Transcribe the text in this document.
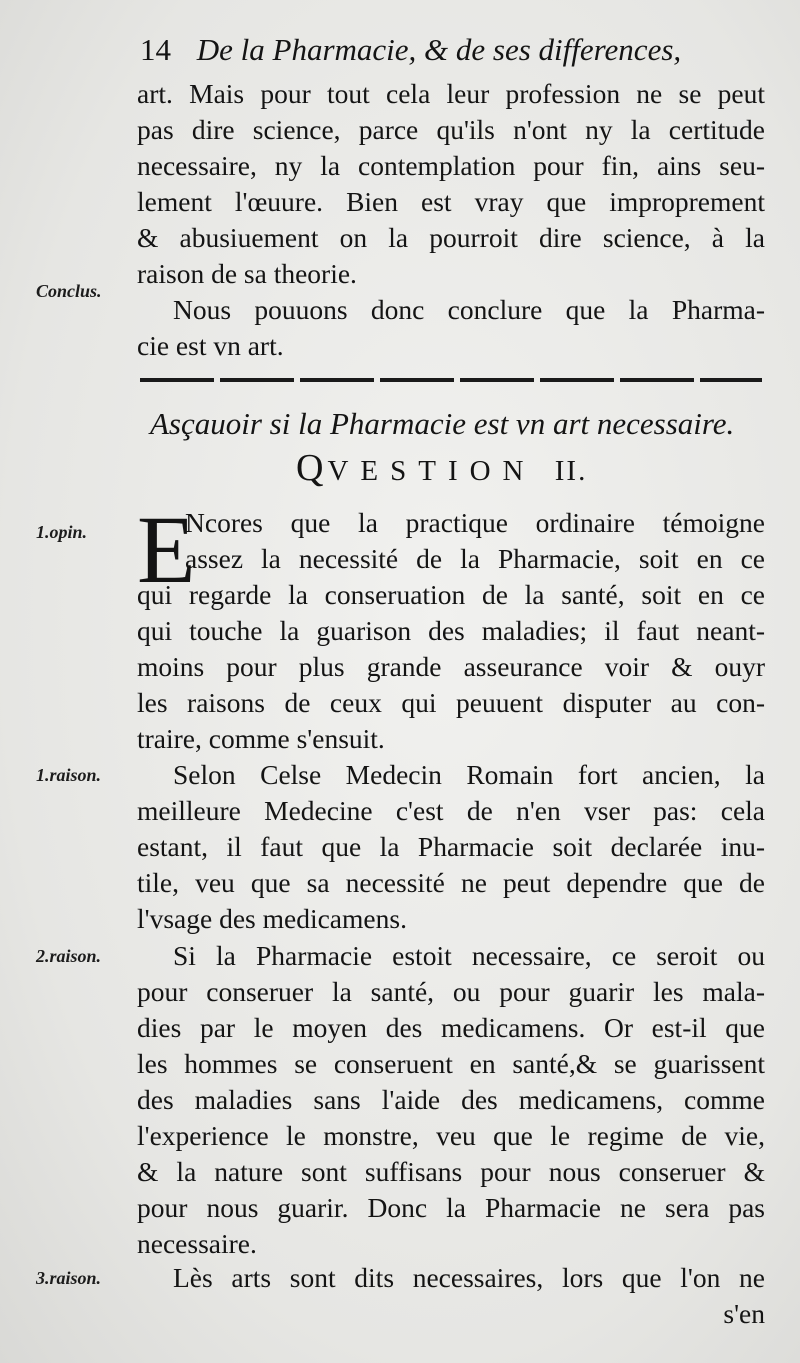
14 De la Pharmacie, & de ses differences,
art. Mais pour tout cela leur profession ne se peut
pas dire science, parce qu'ils n'ont ny la certitude
necessaire, ny la contemplation pour fin, ains seu-
lement l'œuure. Bien est vray que improprement
& abusiuement on la pourroit dire science, à la
raison de sa theorie.
Conclus.
Nous pouuons donc conclure que la Pharma-
cie est vn art.
Asçauoir si la Pharmacie est vn art necessaire.
QVESTION II.
1.opin. E
Ncores que la practique ordinaire témoigne
assez la necessité de la Pharmacie, soit en ce
qui regarde la conseruation de la santé, soit en ce
qui touche la guarison des maladies; il faut neant-
moins pour plus grande asseurance voir & ouyr
les raisons de ceux qui peuuent disputer au con-
traire, comme s'ensuit.
1.raison.	Selon Celse Medecin Romain fort ancien, la
meilleure Medecine c'est de n'en vser pas: cela
estant, il faut que la Pharmacie soit declarée inu-
tile, veu que sa necessité ne peut dependre que de
l'vsage des medicamens.
2.raison.	Si la Pharmacie estoit necessaire, ce seroit ou
pour conseruer la santé, ou pour guarir les mala-
dies par le moyen des medicamens. Or est-il que
les hommes se conseruent en santé,& se guarissent
des maladies sans l'aide des medicamens, comme
l'experience le monstre, veu que le regime de vie,
& la nature sont suffisans pour nous conseruer &
pour nous guarir. Donc la Pharmacie ne sera pas
necessaire.
3.raison.	Lès arts sont dits necessaires, lors que l'on ne
s'en
